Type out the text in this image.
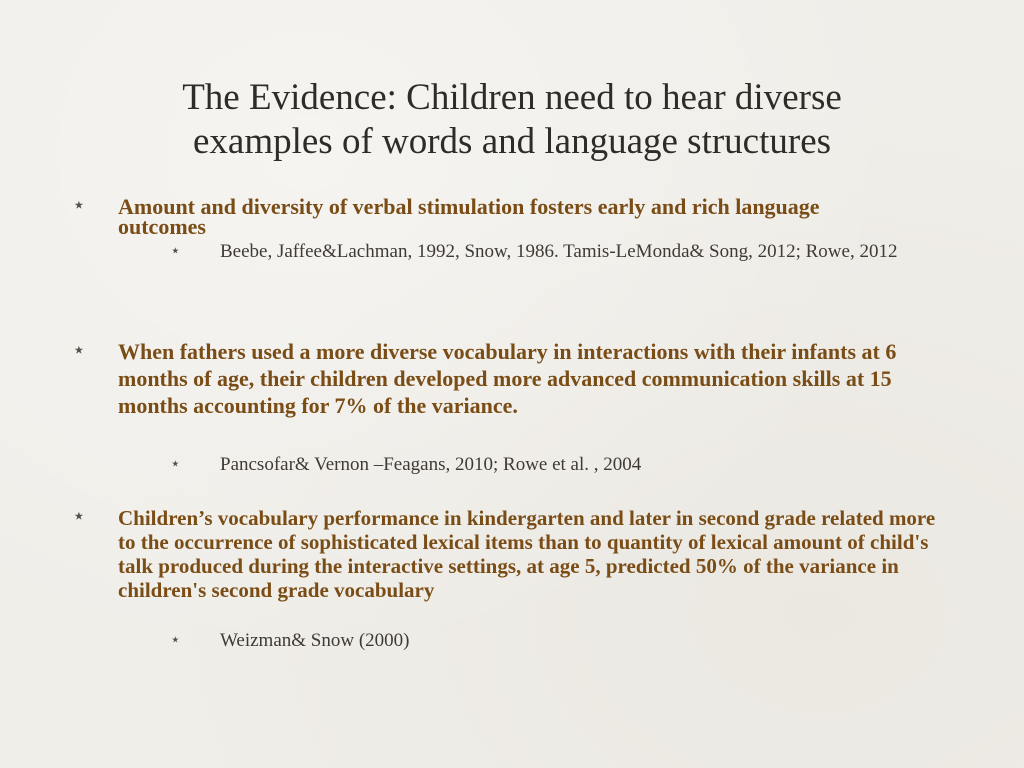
The Evidence: Children need to hear diverse
examples of words and language structures
⋆ Amount and diversity of verbal stimulation fosters early and rich language outcomes
⋆ Beebe, Jaffee&Lachman, 1992, Snow, 1986. Tamis-LeMonda& Song, 2012; Rowe, 2012
⋆ When fathers used a more diverse vocabulary in interactions with their infants at 6 months of age, their children developed more advanced communication skills at 15 months accounting for 7% of the variance.
⋆ Pancsofar& Vernon –Feagans, 2010; Rowe et al. , 2004
⋆ Children’s vocabulary performance in kindergarten and later in second grade related more to the occurrence of sophisticated lexical items than to quantity of lexical amount of child's talk produced during the interactive settings, at age 5, predicted 50% of the variance in children's second grade vocabulary
⋆ Weizman& Snow (2000)
